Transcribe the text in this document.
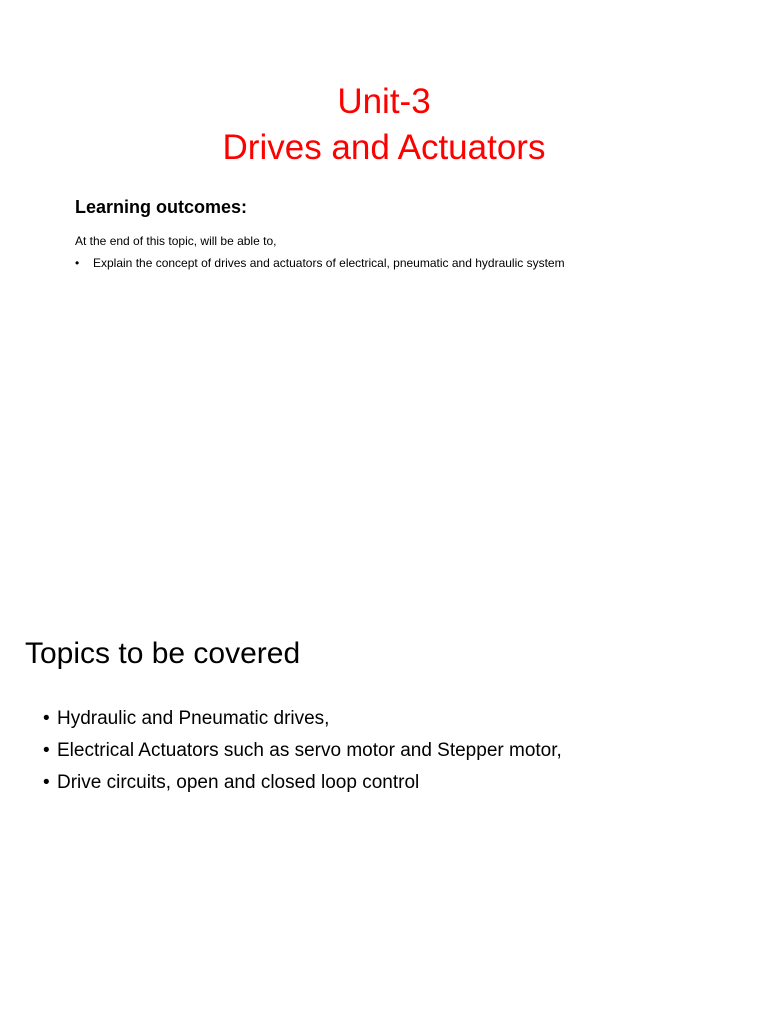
Unit-3
Drives and Actuators
Learning outcomes:
At the end of this topic, will be able to,
• Explain the concept of drives and actuators of electrical, pneumatic and hydraulic system
Topics to be covered
• Hydraulic and Pneumatic drives,
• Electrical Actuators such as servo motor and Stepper motor,
• Drive circuits, open and closed loop control
